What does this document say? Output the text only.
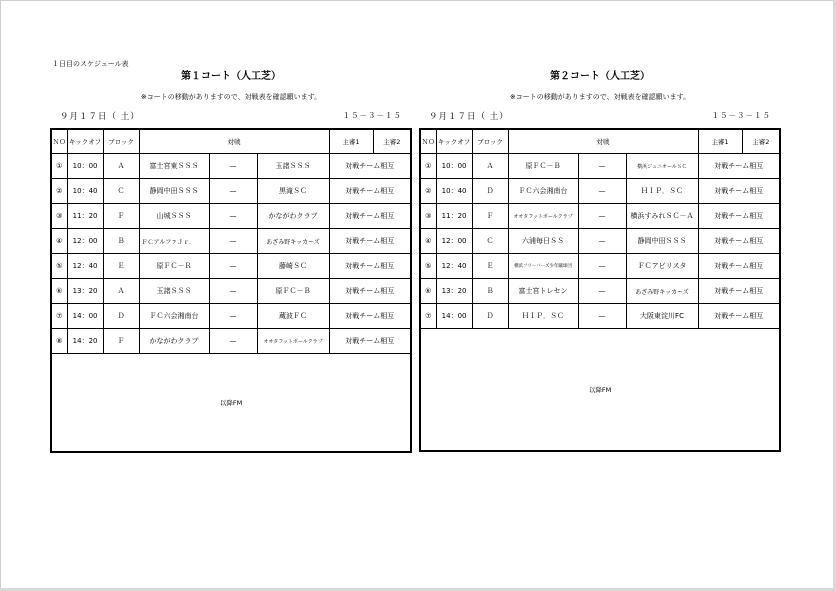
１日目のスケジュール表
第１コート（人工芝）
※コートの移動がありますので、対戦表を確認願います。
９月１７日（ 土）	１５－３－１５
ＮＯ	キックオフ	ブロック	対戦			主審1	主審2
①	10：00	Ａ	富士宮東ＳＳＳ	—	玉諸ＳＳＳ	対戦チーム相互	
②	10：40	Ｃ	静岡中田ＳＳＳ	—	黒滝ＳＣ	対戦チーム相互	
③	11：20	Ｆ	山城ＳＳＳ	—	かながわクラブ	対戦チーム相互	
④	12：00	Ｂ	ＦＣアルファＪｒ．	—	あざみ野キッカーズ	対戦チーム相互	
⑤	12：40	Ｅ	原ＦＣ－Ｒ	—	藤崎ＳＣ	対戦チーム相互	
⑥	13：20	Ａ	玉諸ＳＳＳ	—	原ＦＣ－Ｂ	対戦チーム相互	
⑦	14：00	Ｄ	ＦＣ六会湘南台	—	蔵波ＦＣ	対戦チーム相互	
⑧	14：20	Ｆ	かながわクラブ	—	オオタフットボールクラブ	対戦チーム相互	
以降FM							
第２コート（人工芝）
※コートの移動がありますので、対戦表を確認願います。
９月１７日（ 土）	１５－３－１５
ＮＯ	キックオフ	ブロック	対戦			主審1	主審2
①	10：00	Ａ	原ＦＣ－Ｂ	—	横浜ジュニオールＳＣ	対戦チーム相互	
②	10：40	Ｄ	ＦＣ六会湘南台	—	ＨＩＰ．ＳＣ	対戦チーム相互	
③	11：20	Ｆ	オオタフットボールクラブ	—	横浜すみれＳＣ－Ａ	対戦チーム相互	
④	12：00	Ｃ	六浦毎日ＳＳ	—	静岡中田ＳＳＳ	対戦チーム相互	
⑤	12：40	Ｅ	横浜フリーバーズ少年蹴球団	—	ＦＣアビリスタ	対戦チーム相互	
⑥	13：20	Ｂ	富士宮トレセン	—	あざみ野キッカーズ	対戦チーム相互	
⑦	14：00	Ｄ	ＨＩＰ．ＳＣ	—	大阪東淀川FC	対戦チーム相互	
以降FM							
